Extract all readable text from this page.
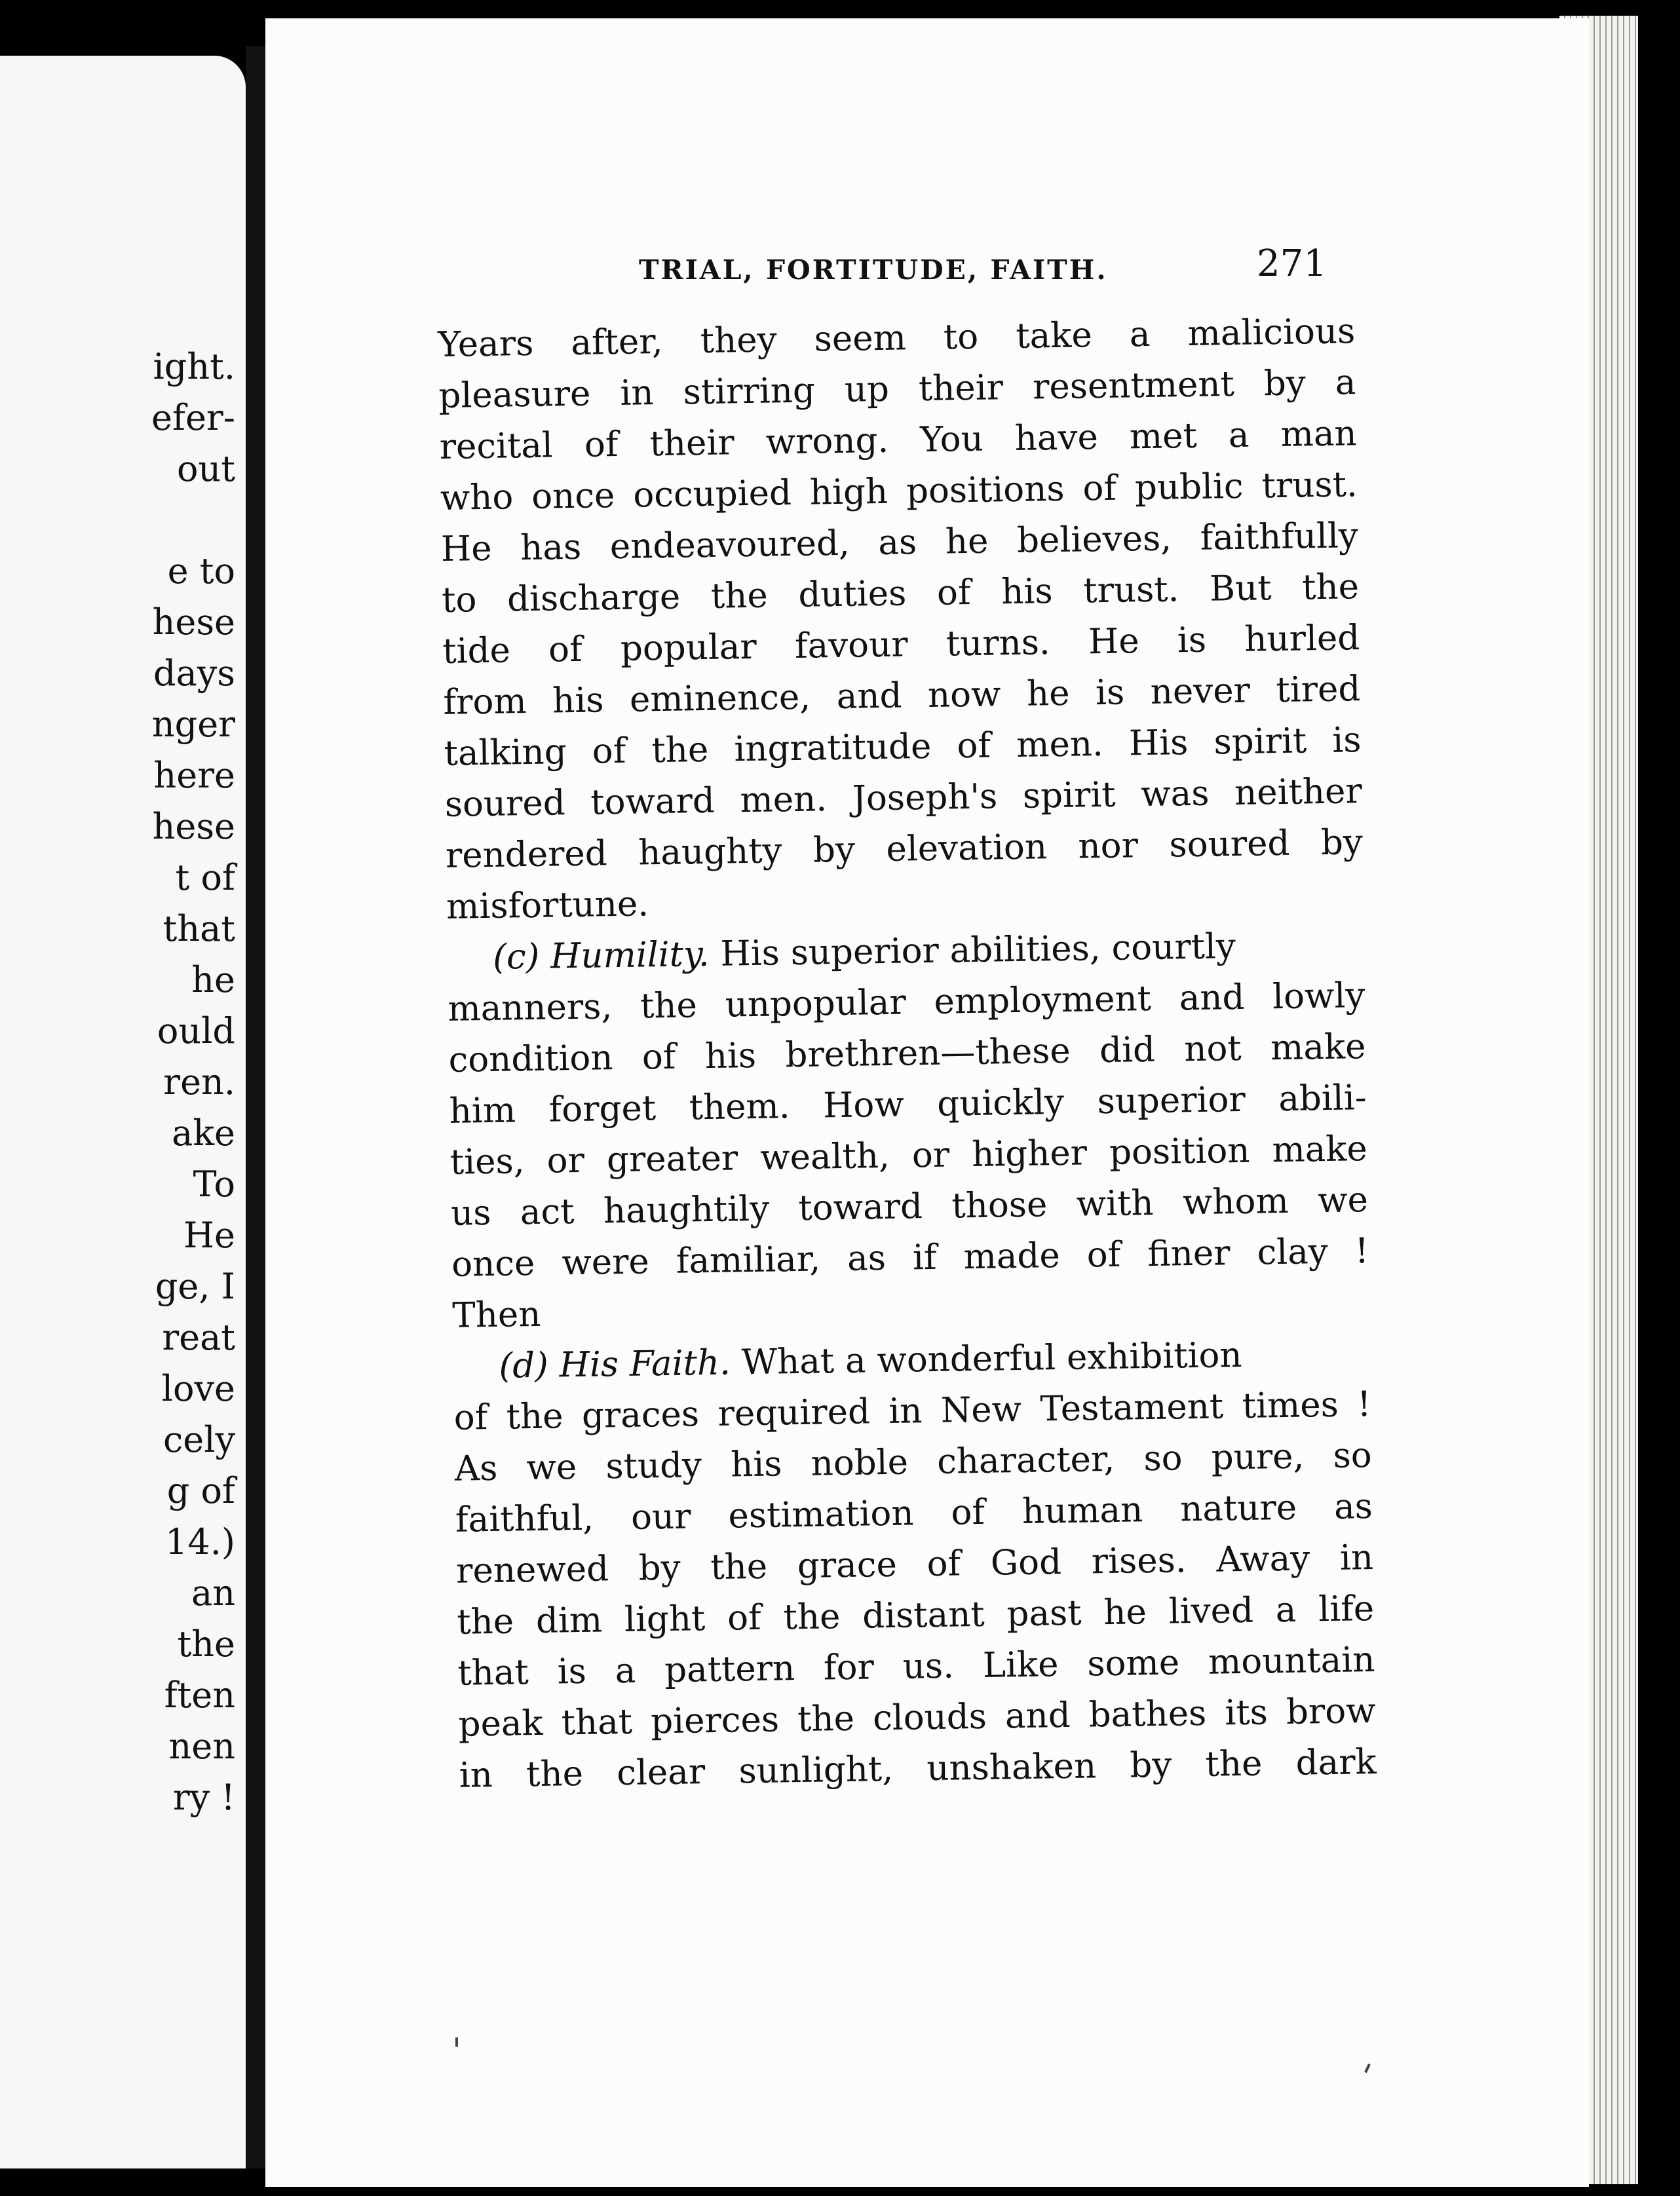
ight.
efer-
out
e to
hese
days
nger
here
hese
t of
that
he
ould
ren.
ake
To
He
ge, I
reat
love
cely
g of
14.)
an
the
ften
nen
ry !
TRIAL, FORTITUDE, FAITH.	271
Years after, they seem to take a malicious
pleasure in stirring up their resentment by a
recital of their wrong. You have met a man
who once occupied high positions of public trust.
He has endeavoured, as he believes, faithfully
to discharge the duties of his trust. But the
tide of popular favour turns. He is hurled
from his eminence, and now he is never tired
talking of the ingratitude of men. His spirit is
soured toward men. Joseph's spirit was neither
rendered haughty by elevation nor soured by
misfortune.
(c) Humility. His superior abilities, courtly
manners, the unpopular employment and lowly
condition of his brethren—these did not make
him forget them. How quickly superior abili-
ties, or greater wealth, or higher position make
us act haughtily toward those with whom we
once were familiar, as if made of finer clay !
Then
(d) His Faith. What a wonderful exhibition
of the graces required in New Testament times !
As we study his noble character, so pure, so
faithful, our estimation of human nature as
renewed by the grace of God rises. Away in
the dim light of the distant past he lived a life
that is a pattern for us. Like some mountain
peak that pierces the clouds and bathes its brow
in the clear sunlight, unshaken by the dark
